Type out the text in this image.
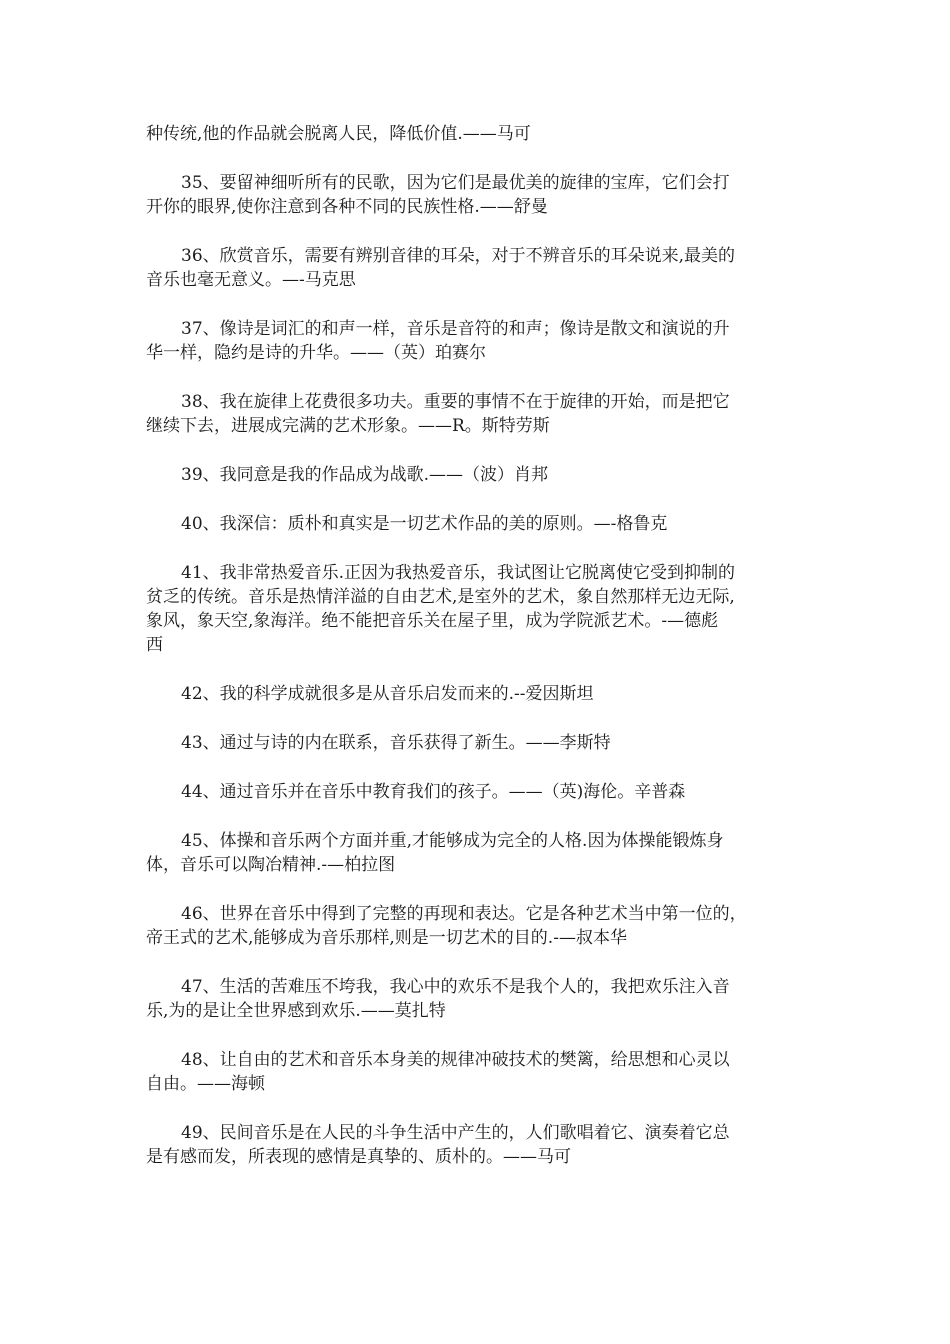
种传统,他的作品就会脱离人民，降低价值.——马可
35、要留神细听所有的民歌，因为它们是最优美的旋律的宝库，它们会打
开你的眼界,使你注意到各种不同的民族性格.——舒曼
36、欣赏音乐，需要有辨别音律的耳朵，对于不辨音乐的耳朵说来,最美的
音乐也毫无意义。—-马克思
37、像诗是词汇的和声一样，音乐是音符的和声；像诗是散文和演说的升
华一样，隐约是诗的升华。——（英）珀赛尔
38、我在旋律上花费很多功夫。重要的事情不在于旋律的开始，而是把它
继续下去，进展成完满的艺术形象。——R。斯特劳斯
39、我同意是我的作品成为战歌.——（波）肖邦
40、我深信：质朴和真实是一切艺术作品的美的原则。—-格鲁克
41、我非常热爱音乐.正因为我热爱音乐，我试图让它脱离使它受到抑制的
贫乏的传统。音乐是热情洋溢的自由艺术,是室外的艺术，象自然那样无边无际,
象风，象天空,象海洋。绝不能把音乐关在屋子里，成为学院派艺术。-—德彪
西
42、我的科学成就很多是从音乐启发而来的.--爱因斯坦
43、通过与诗的内在联系，音乐获得了新生。——李斯特
44、通过音乐并在音乐中教育我们的孩子。——（英)海伦。辛普森
45、体操和音乐两个方面并重,才能够成为完全的人格.因为体操能锻炼身
体，音乐可以陶冶精神.-—柏拉图
46、世界在音乐中得到了完整的再现和表达。它是各种艺术当中第一位的，
帝王式的艺术,能够成为音乐那样,则是一切艺术的目的.-—叔本华
47、生活的苦难压不垮我，我心中的欢乐不是我个人的，我把欢乐注入音
乐,为的是让全世界感到欢乐.——莫扎特
48、让自由的艺术和音乐本身美的规律冲破技术的樊篱，给思想和心灵以
自由。——海顿
49、民间音乐是在人民的斗争生活中产生的，人们歌唱着它、演奏着它总
是有感而发，所表现的感情是真挚的、质朴的。——马可
